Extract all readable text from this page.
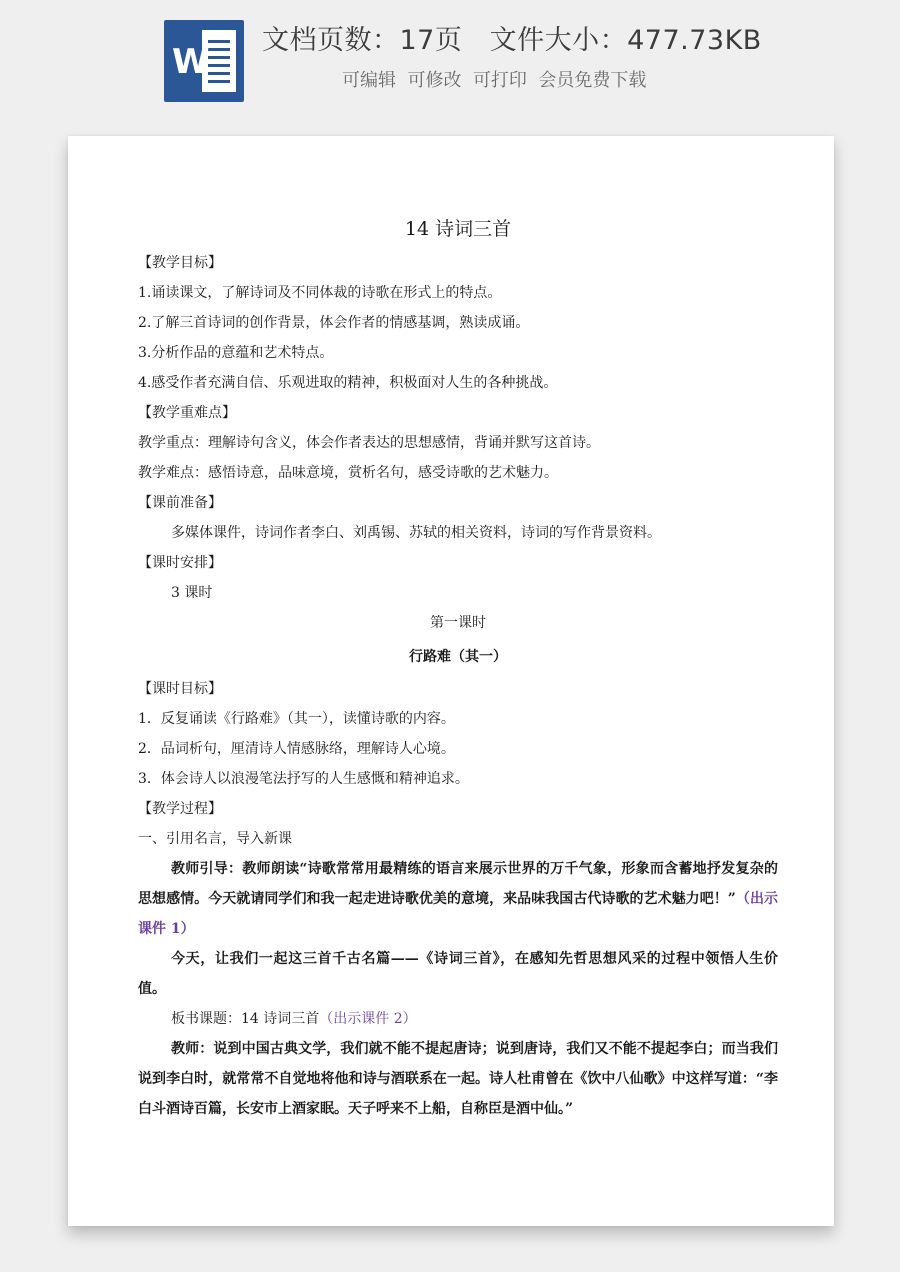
W
文档页数：17页   文件大小：477.73KB
可编辑  可修改  可打印  会员免费下载
14 诗词三首
【教学目标】
1.诵读课文，了解诗词及不同体裁的诗歌在形式上的特点。
2.了解三首诗词的创作背景，体会作者的情感基调，熟读成诵。
3.分析作品的意蕴和艺术特点。
4.感受作者充满自信、乐观进取的精神，积极面对人生的各种挑战。
【教学重难点】
教学重点：理解诗句含义，体会作者表达的思想感情，背诵并默写这首诗。
教学难点：感悟诗意，品味意境，赏析名句，感受诗歌的艺术魅力。
【课前准备】
多媒体课件，诗词作者李白、刘禹锡、苏轼的相关资料，诗词的写作背景资料。
【课时安排】
3 课时
第一课时
行路难（其一）
【课时目标】
1．反复诵读《行路难》（其一），读懂诗歌的内容。
2．品词析句，厘清诗人情感脉络，理解诗人心境。
3．体会诗人以浪漫笔法抒写的人生感慨和精神追求。
【教学过程】
一、引用名言，导入新课
教师引导：教师朗读“诗歌常常用最精练的语言来展示世界的万千气象，形象而含蓄地抒发复杂的思想感情。今天就请同学们和我一起走进诗歌优美的意境，来品味我国古代诗歌的艺术魅力吧！”（出示课件 1）
今天，让我们一起这三首千古名篇——《诗词三首》，在感知先哲思想风采的过程中领悟人生价值。
板书课题：14 诗词三首（出示课件 2）
教师：说到中国古典文学，我们就不能不提起唐诗；说到唐诗，我们又不能不提起李白；而当我们说到李白时，就常常不自觉地将他和诗与酒联系在一起。诗人杜甫曾在《饮中八仙歌》中这样写道：“李白斗酒诗百篇，长安市上酒家眠。天子呼来不上船，自称臣是酒中仙。”
